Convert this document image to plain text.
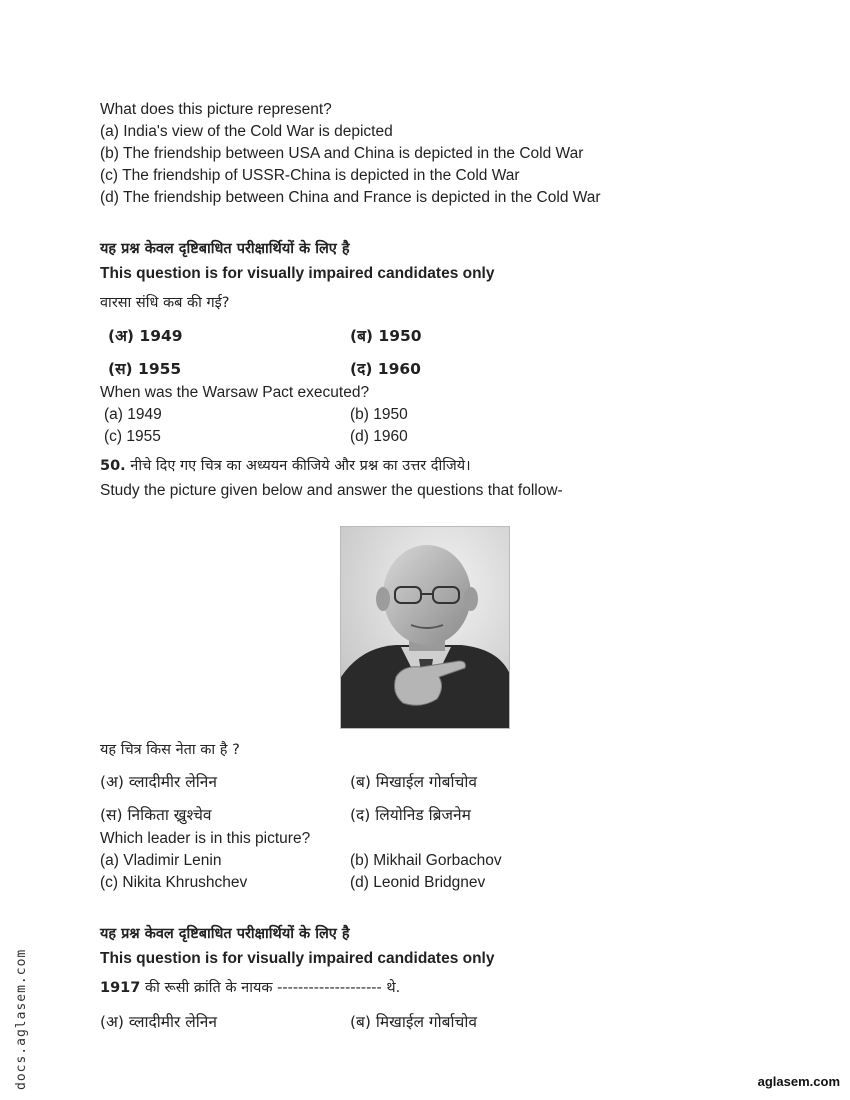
What does this picture represent?
(a) India's view of the Cold War is depicted
(b) The friendship between USA and China is depicted in the Cold War
(c) The friendship of USSR-China is depicted in the Cold War
(d) The friendship between China and France is depicted in the Cold War
यह प्रश्न केवल दृष्टिबाधित परीक्षार्थियों के लिए है
This question is for visually impaired candidates only
वारसा संधि कब की गई?
(अ) 1949	(ब) 1950
(स) 1955	(द) 1960
When was the Warsaw Pact executed?
(a) 1949	(b) 1950
(c) 1955	(d) 1960
50. नीचे दिए गए चित्र का अध्ययन कीजिये और प्रश्न का उत्तर दीजिये।
Study the picture given below and answer the questions that follow-
यह चित्र किस नेता का है ?
(अ) व्लादीमीर लेनिन	(ब) मिखाईल गोर्बाचोव
(स) निकिता ख्रुश्चेव	(द) लियोनिड ब्रिजनेम
Which leader is in this picture?
(a) Vladimir Lenin	(b) Mikhail Gorbachov
(c) Nikita Khrushchev	(d) Leonid Bridgnev
यह प्रश्न केवल दृष्टिबाधित परीक्षार्थियों के लिए है
This question is for visually impaired candidates only
1917 की रूसी क्रांति के नायक -------------------- थे.
(अ) व्लादीमीर लेनिन	(ब) मिखाईल गोर्बाचोव
docs.aglasem.com	aglasem.com
